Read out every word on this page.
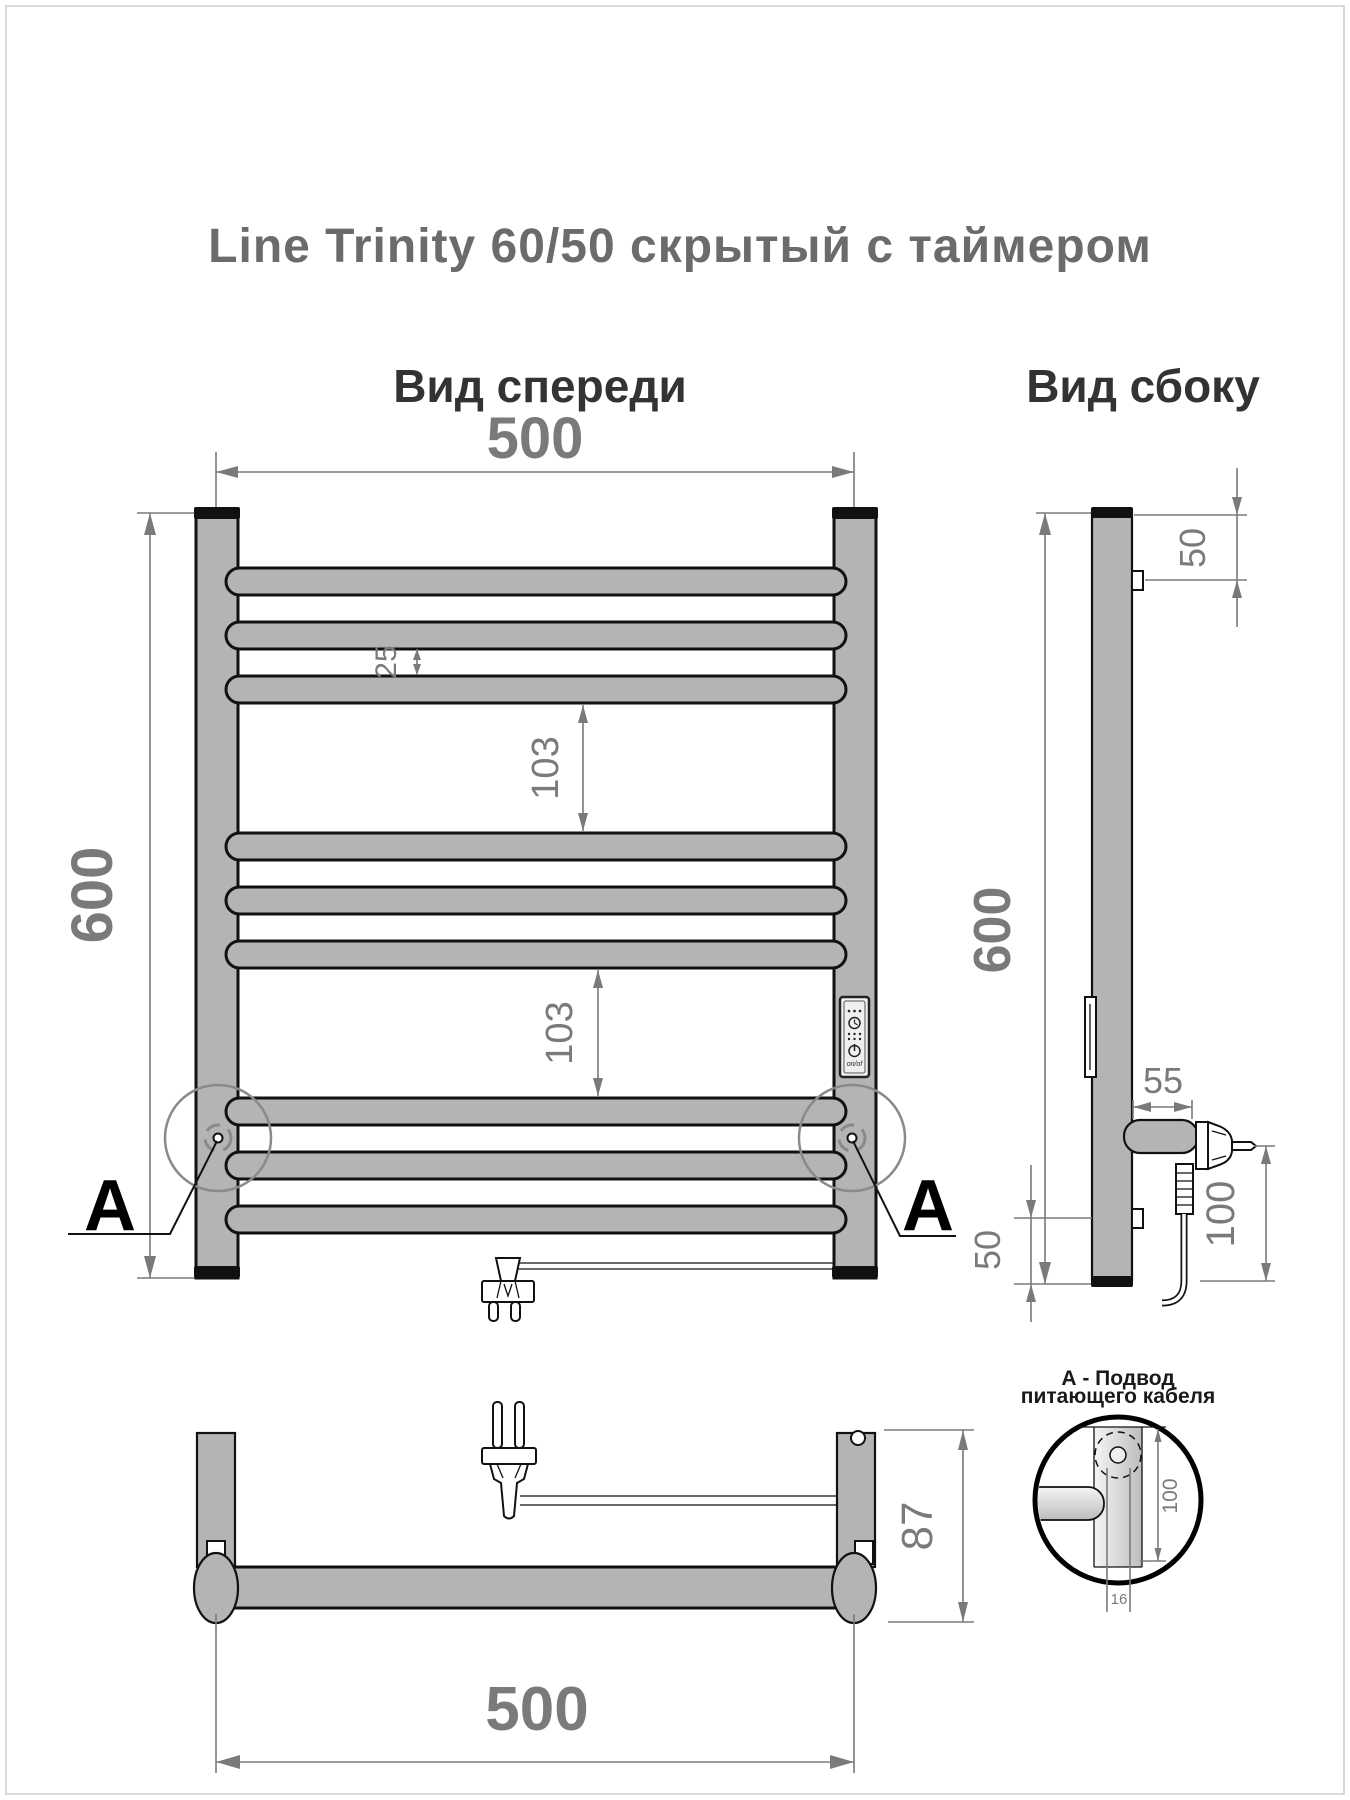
Line Trinity 60/50 скрытый с таймером
Вид спереди	Вид сбоку
500
600
25
103
103	on/of
А	А
600
50
55
100
50
87
500
А - Подвод
питающего кабеля
100
16
